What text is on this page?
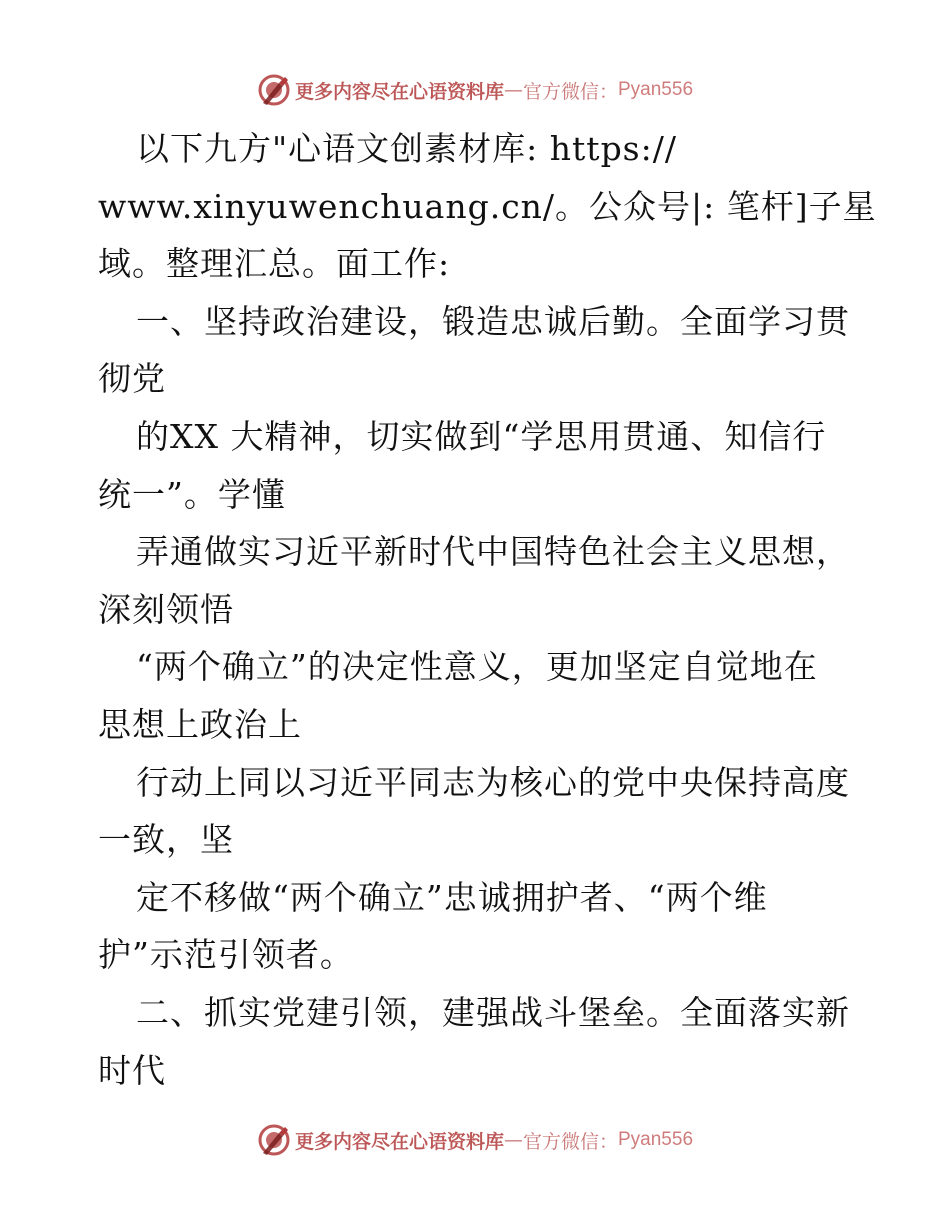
更多内容尽在心语资料库 — 官方微信： Pyan556
以下九方"心语文创素材库: https://
www.xinyuwenchuang.cn/。公众号|: 笔杆]子星
域。整理汇总。面工作:
一、坚持政治建设，锻造忠诚后勤。全面学习贯
彻党
的XX 大精神，切实做到“学思用贯通、知信行
统一”。学懂
弄通做实习近平新时代中国特色社会主义思想，
深刻领悟
“两个确立”的决定性意义，更加坚定自觉地在
思想上政治上
行动上同以习近平同志为核心的党中央保持高度
一致，坚
定不移做“两个确立”忠诚拥护者、“两个维
护”示范引领者。
二、抓实党建引领，建强战斗堡垒。全面落实新
时代
更多内容尽在心语资料库 — 官方微信： Pyan556
